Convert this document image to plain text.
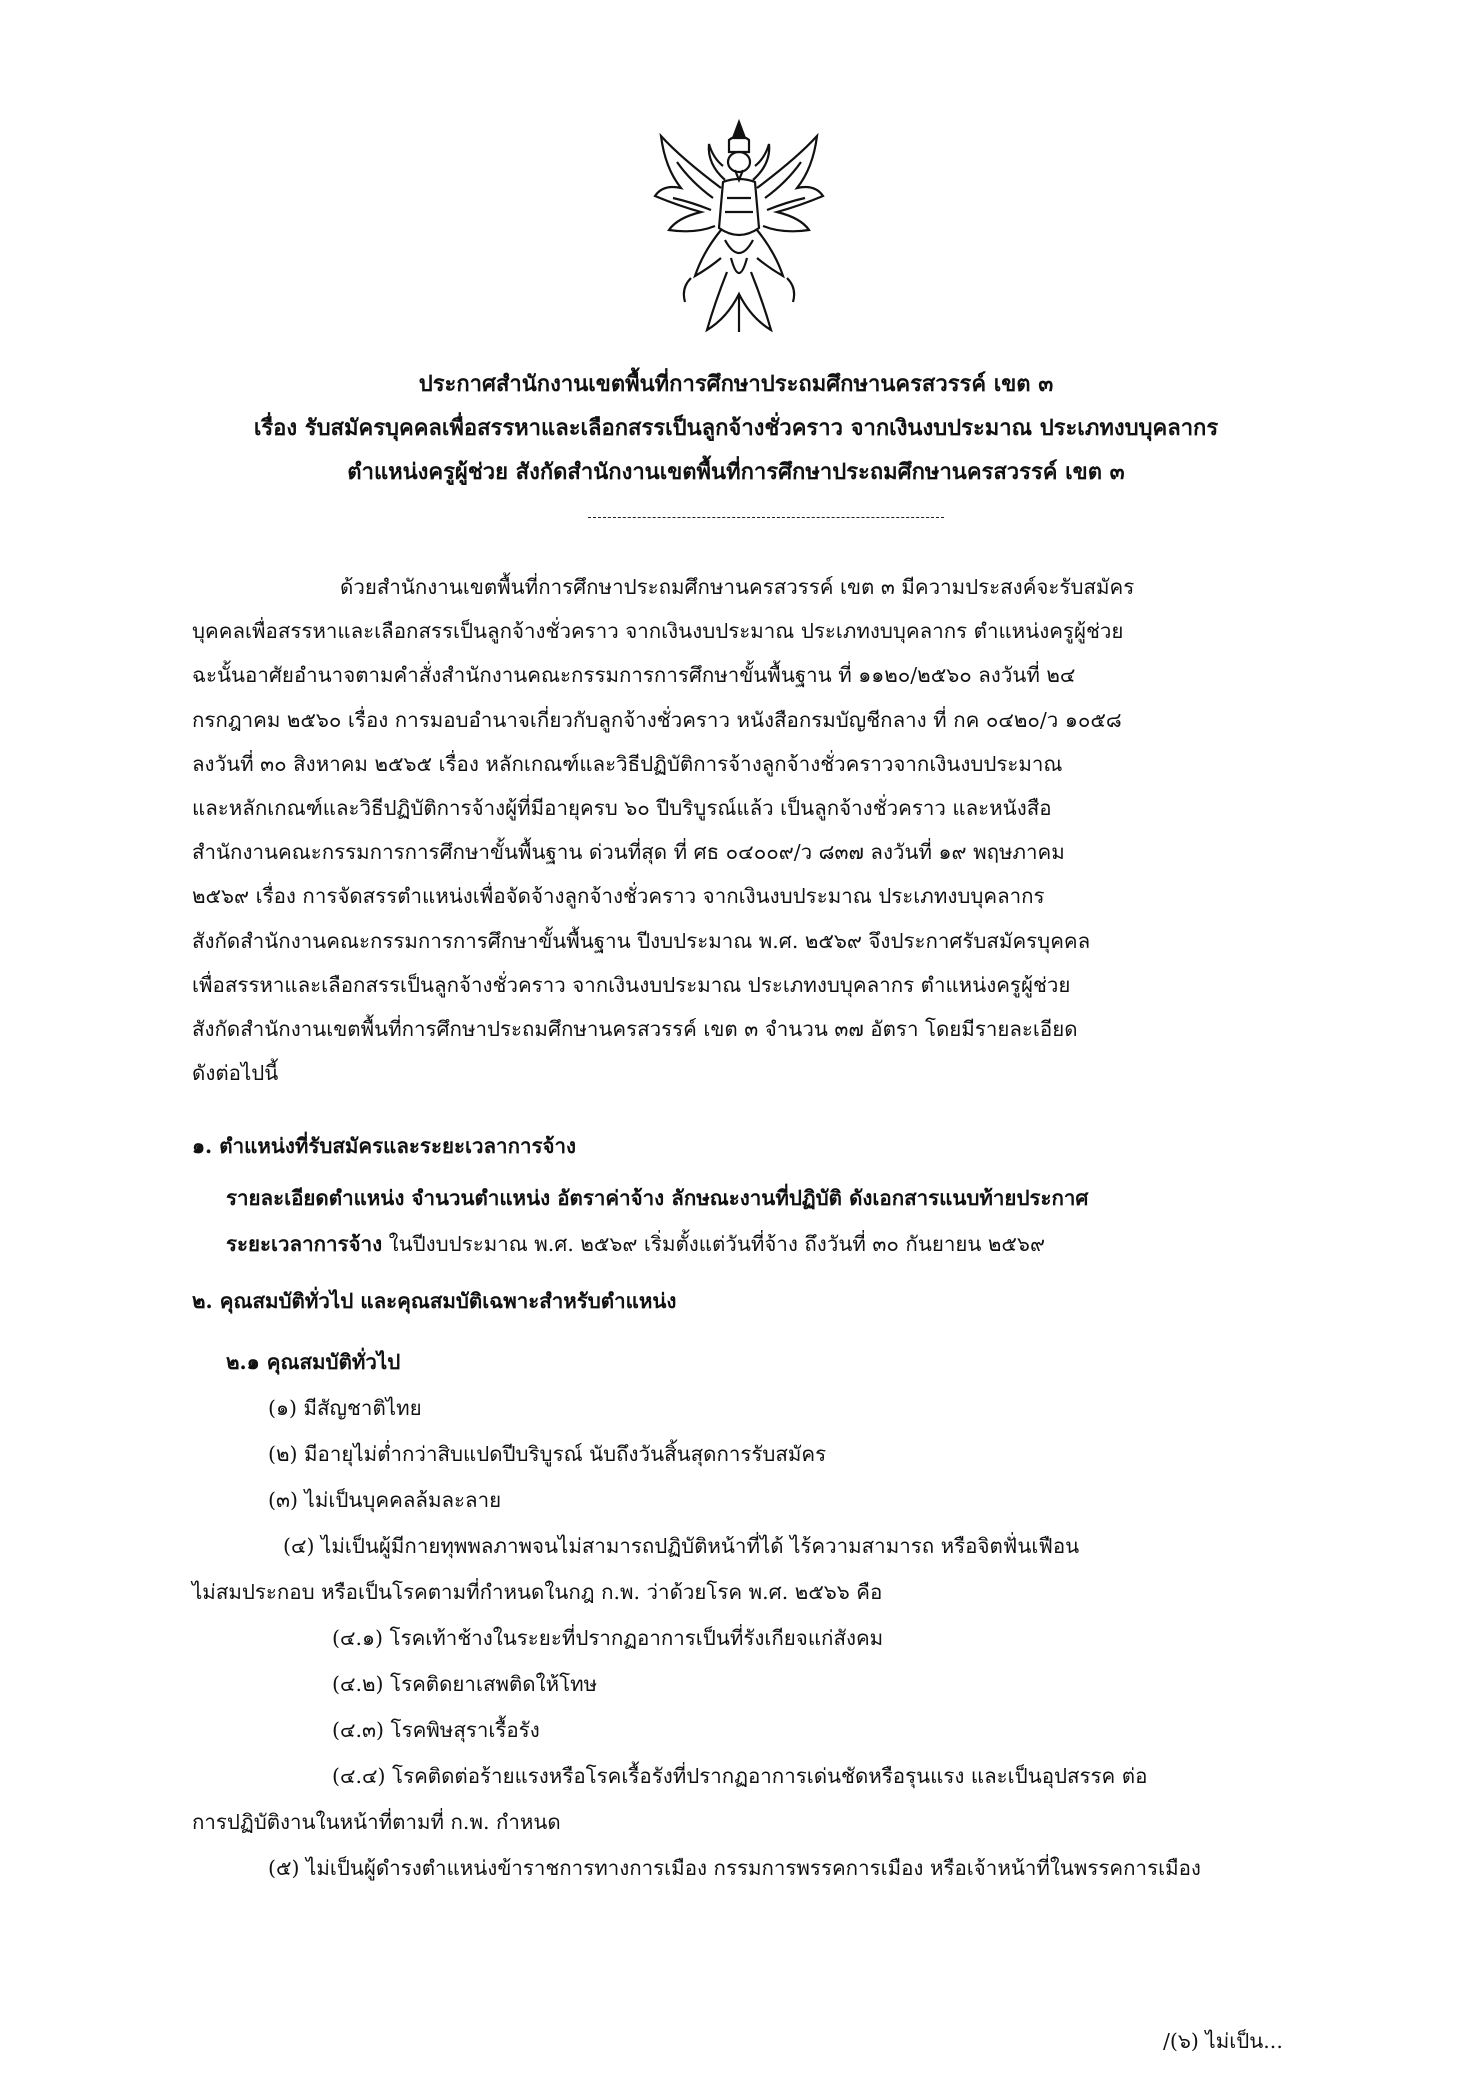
ประกาศสำนักงานเขตพื้นที่การศึกษาประถมศึกษานครสวรรค์ เขต ๓
เรื่อง รับสมัครบุคคลเพื่อสรรหาและเลือกสรรเป็นลูกจ้างชั่วคราว จากเงินงบประมาณ ประเภทงบบุคลากร
ตำแหน่งครูผู้ช่วย สังกัดสำนักงานเขตพื้นที่การศึกษาประถมศึกษานครสวรรค์ เขต ๓
ด้วยสำนักงานเขตพื้นที่การศึกษาประถมศึกษานครสวรรค์ เขต ๓ มีความประสงค์จะรับสมัคร
บุคคลเพื่อสรรหาและเลือกสรรเป็นลูกจ้างชั่วคราว จากเงินงบประมาณ ประเภทงบบุคลากร ตำแหน่งครูผู้ช่วย
ฉะนั้นอาศัยอำนาจตามคำสั่งสำนักงานคณะกรรมการการศึกษาขั้นพื้นฐาน ที่ ๑๑๒๐/๒๕๖๐ ลงวันที่ ๒๔
กรกฎาคม ๒๕๖๐ เรื่อง การมอบอำนาจเกี่ยวกับลูกจ้างชั่วคราว หนังสือกรมบัญชีกลาง ที่ กค ๐๔๒๐/ว ๑๐๕๘
ลงวันที่ ๓๐ สิงหาคม ๒๕๖๕ เรื่อง หลักเกณฑ์และวิธีปฏิบัติการจ้างลูกจ้างชั่วคราวจากเงินงบประมาณ
และหลักเกณฑ์และวิธีปฏิบัติการจ้างผู้ที่มีอายุครบ ๖๐ ปีบริบูรณ์แล้ว เป็นลูกจ้างชั่วคราว และหนังสือ
สำนักงานคณะกรรมการการศึกษาขั้นพื้นฐาน ด่วนที่สุด ที่ ศธ ๐๔๐๐๙/ว ๘๓๗ ลงวันที่ ๑๙ พฤษภาคม
๒๕๖๙ เรื่อง การจัดสรรตำแหน่งเพื่อจัดจ้างลูกจ้างชั่วคราว จากเงินงบประมาณ ประเภทงบบุคลากร
สังกัดสำนักงานคณะกรรมการการศึกษาขั้นพื้นฐาน ปีงบประมาณ พ.ศ. ๒๕๖๙ จึงประกาศรับสมัครบุคคล
เพื่อสรรหาและเลือกสรรเป็นลูกจ้างชั่วคราว จากเงินงบประมาณ ประเภทงบบุคลากร ตำแหน่งครูผู้ช่วย
สังกัดสำนักงานเขตพื้นที่การศึกษาประถมศึกษานครสวรรค์ เขต ๓ จำนวน ๓๗ อัตรา โดยมีรายละเอียด
ดังต่อไปนี้
๑. ตำแหน่งที่รับสมัครและระยะเวลาการจ้าง
รายละเอียดตำแหน่ง จำนวนตำแหน่ง อัตราค่าจ้าง ลักษณะงานที่ปฏิบัติ ดังเอกสารแนบท้ายประกาศ
ระยะเวลาการจ้าง ในปีงบประมาณ พ.ศ. ๒๕๖๙ เริ่มตั้งแต่วันที่จ้าง ถึงวันที่ ๓๐ กันยายน ๒๕๖๙
๒. คุณสมบัติทั่วไป และคุณสมบัติเฉพาะสำหรับตำแหน่ง
๒.๑ คุณสมบัติทั่วไป
(๑) มีสัญชาติไทย
(๒) มีอายุไม่ต่ำกว่าสิบแปดปีบริบูรณ์ นับถึงวันสิ้นสุดการรับสมัคร
(๓) ไม่เป็นบุคคลล้มละลาย
(๔) ไม่เป็นผู้มีกายทุพพลภาพจนไม่สามารถปฏิบัติหน้าที่ได้ ไร้ความสามารถ หรือจิตฟั่นเฟือน
ไม่สมประกอบ หรือเป็นโรคตามที่กำหนดในกฎ ก.พ. ว่าด้วยโรค พ.ศ. ๒๕๖๖ คือ
(๔.๑) โรคเท้าช้างในระยะที่ปรากฏอาการเป็นที่รังเกียจแก่สังคม
(๔.๒) โรคติดยาเสพติดให้โทษ
(๔.๓) โรคพิษสุราเรื้อรัง
(๔.๔) โรคติดต่อร้ายแรงหรือโรคเรื้อรังที่ปรากฏอาการเด่นชัดหรือรุนแรง และเป็นอุปสรรค ต่อ
การปฏิบัติงานในหน้าที่ตามที่ ก.พ. กำหนด
(๕) ไม่เป็นผู้ดำรงตำแหน่งข้าราชการทางการเมือง กรรมการพรรคการเมือง หรือเจ้าหน้าที่ในพรรคการเมือง
/(๖) ไม่เป็น...
